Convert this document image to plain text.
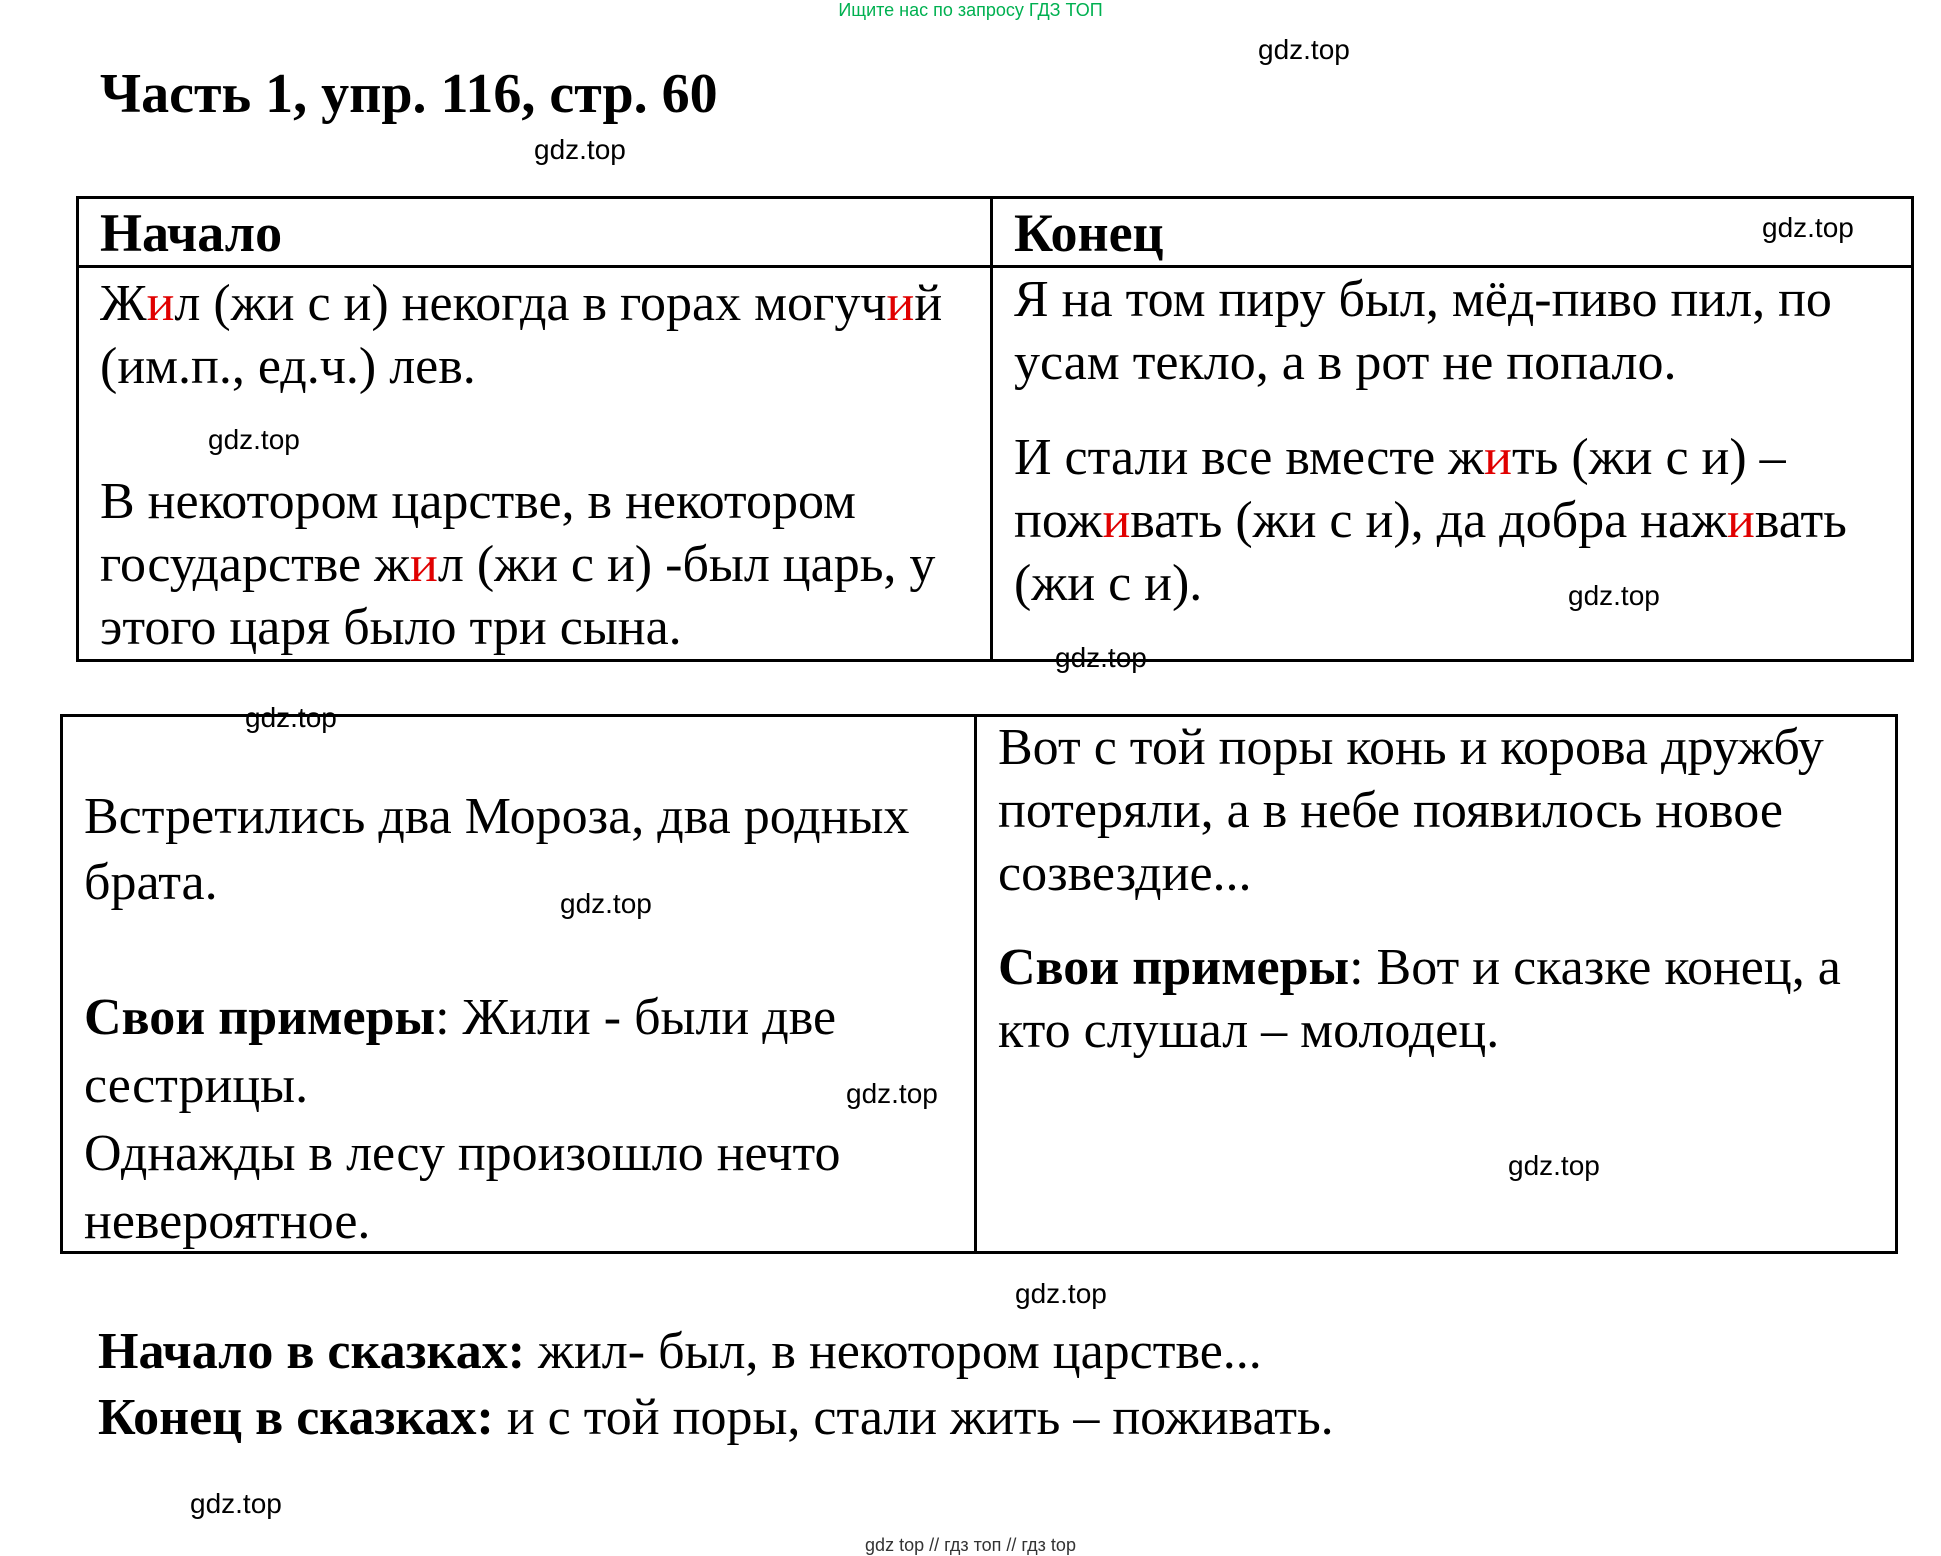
Ищите нас по запросу ГДЗ ТОП
Часть 1, упр. 116, стр. 60
gdz.top
gdz.top
gdz.top
gdz.top
gdz.top
gdz.top
gdz.top
gdz.top
gdz.top
gdz.top
gdz.top
gdz.top
Начало	Конец
Жил (жи с и) некогда в горах могучий (им.п., ед.ч.) лев.
В некотором царстве, в некотором государстве жил (жи с и) -был царь, у этого царя было три сына.
Я на том пиру был, мёд-пиво пил, по усам текло, а в рот не попало.
И стали все вместе жить (жи с и) –поживать (жи с и), да добра наживать (жи с и).
Встретились два Мороза, два родных брата.
Свои примеры: Жили - были две сестрицы.
Однажды в лесу произошло нечто невероятное.
Вот с той поры конь и корова дружбу потеряли, а в небе появилось новое созвездие...
Свои примеры: Вот и сказке конец, а кто слушал – молодец.
Начало в сказках: жил- был, в некотором царстве...
Конец в сказках: и с той поры, стали жить – поживать.
gdz top // гдз топ // гдз top
